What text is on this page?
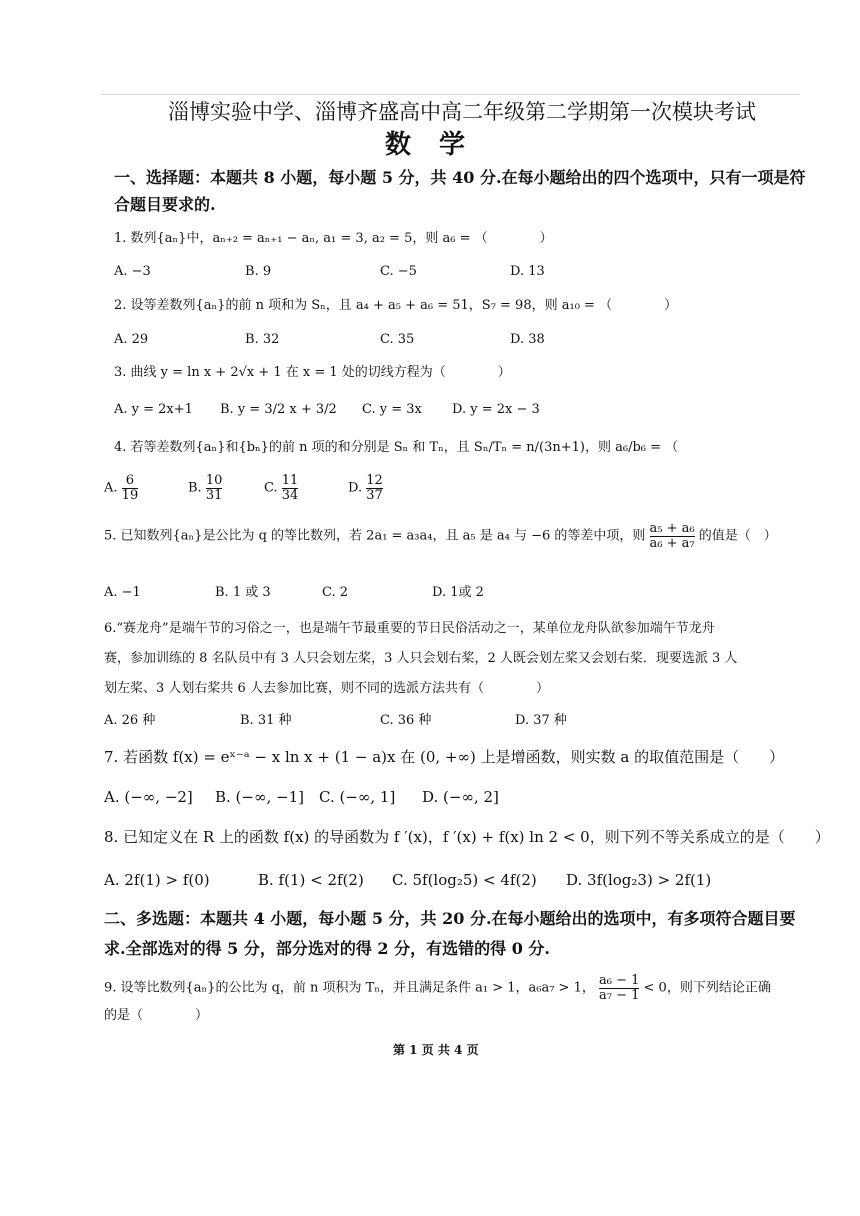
淄博实验中学、淄博齐盛高中高二年级第二学期第一次模块考试
数学
一、选择题：本题共 8 小题，每小题 5 分，共 40 分.在每小题给出的四个选项中，只有一项是符
合题目要求的.
1. 数列{aₙ}中，aₙ₊₂ = aₙ₊₁ − aₙ, a₁ = 3, a₂ = 5，则 a₆ = （　　　　）
A. −3	B. 9	C. −5	D. 13
2. 设等差数列{aₙ}的前 n 项和为 Sₙ，且 a₄ + a₅ + a₆ = 51，S₇ = 98，则 a₁₀ = （　　　　）
A. 29	B. 32	C. 35	D. 38
3. 曲线 y = ln x + 2√x + 1 在 x = 1 处的切线方程为（　　　　）
A. y = 2x+1 B. y = 3/2 x + 3/2 C. y = 3x D. y = 2x − 3
4. 若等差数列{aₙ}和{bₙ}的前 n 项的和分别是 Sₙ 和 Tₙ，且 Sₙ/Tₙ = n/(3n+1)，则 a₆/b₆ = （
A. $\frac{6}{19}$	B. $\frac{10}{31}$	C. $\frac{11}{34}$	D. $\frac{12}{37}$
5. 已知数列{aₙ}是公比为 q 的等比数列，若 2a₁ = a₃a₄，且 a₅ 是 a₄ 与 −6 的等差中项，则 $\frac{\text{a₅ + a₆}}{\text{a₆ + a₇}}$ 的值是（　）
A. −1	B. 1 或 3	C. 2	D. 1或 2
6.“赛龙舟”是端午节的习俗之一，也是端午节最重要的节日民俗活动之一，某单位龙舟队欲参加端午节龙舟
赛，参加训练的 8 名队员中有 3 人只会划左桨，3 人只会划右桨，2 人既会划左桨又会划右桨．现要选派 3 人
划左桨、3 人划右桨共 6 人去参加比赛，则不同的选派方法共有（　　　　）
A. 26 种	B. 31 种	C. 36 种	D. 37 种
7. 若函数 f(x) = eˣ⁻ᵃ − x ln x + (1 − a)x 在 (0, +∞) 上是增函数，则实数 a 的取值范围是（　　）
A. (−∞, −2] B. (−∞, −1] C. (−∞, 1] D. (−∞, 2]
8. 已知定义在 R 上的函数 f(x) 的导函数为 f ′(x)，f ′(x) + f(x) ln 2 < 0，则下列不等关系成立的是（　　）
A. 2f(1) > f(0)	B. f(1) < 2f(2) C. 5f(log₂5) < 4f(2) D. 3f(log₂3) > 2f(1)
二、多选题：本题共 4 小题，每小题 5 分，共 20 分.在每小题给出的选项中，有多项符合题目要
求.全部选对的得 5 分，部分选对的得 2 分，有选错的得 0 分.
9. 设等比数列{aₙ}的公比为 q，前 n 项积为 Tₙ，并且满足条件 a₁ > 1，a₆a₇ > 1， $\frac{\text{a₆ − 1}}{\text{a₇ − 1}} < 0$，则下列结论正确
的是（　　　　）
第 1 页 共 4 页
